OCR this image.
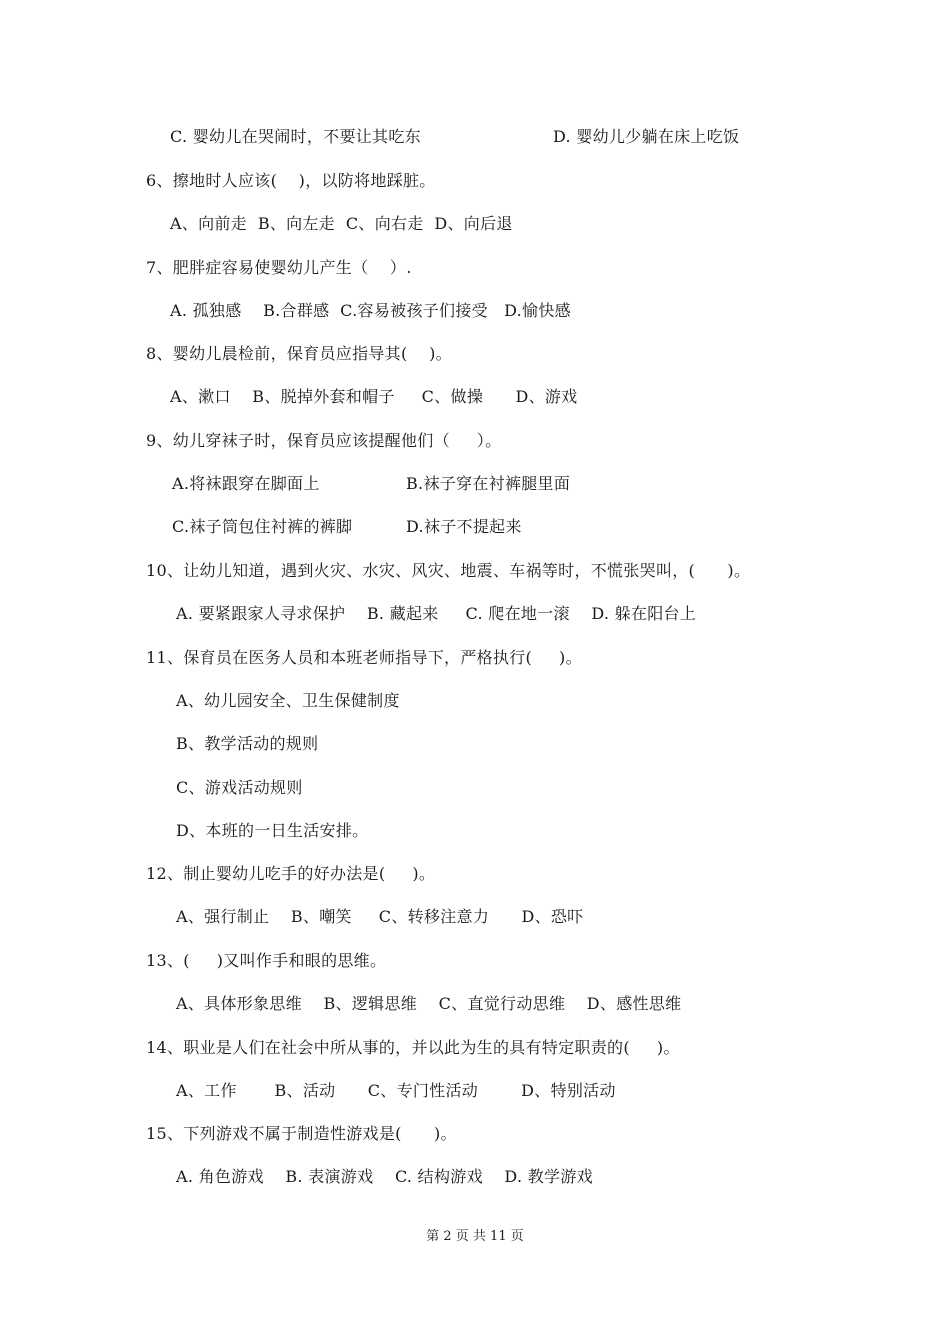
C. 婴幼儿在哭闹时，不要让其吃东	D. 婴幼儿少躺在床上吃饭
6、擦地时人应该(    )，以防将地踩脏。
A、向前走  B、向左走  C、向右走  D、向后退
7、肥胖症容易使婴幼儿产生（    ）.
A. 孤独感    B.合群感  C.容易被孩子们接受   D.愉快感
8、婴幼儿晨检前，保育员应指导其(    )。
A、漱口    B、脱掉外套和帽子     C、做操      D、游戏
9、幼儿穿袜子时，保育员应该提醒他们（     ）。
A.将袜跟穿在脚面上	B.袜子穿在衬裤腿里面
C.袜子筒包住衬裤的裤脚	D.袜子不提起来
10、让幼儿知道，遇到火灾、水灾、风灾、地震、车祸等时，不慌张哭叫，(      )。
A. 要紧跟家人寻求保护    B. 藏起来     C. 爬在地一滚    D. 躲在阳台上
11、保育员在医务人员和本班老师指导下，严格执行(     )。
A、幼儿园安全、卫生保健制度
B、教学活动的规则
C、游戏活动规则
D、本班的一日生活安排。
12、制止婴幼儿吃手的好办法是(     )。
A、强行制止    B、嘲笑     C、转移注意力      D、恐吓
13、(     )又叫作手和眼的思维。
A、具体形象思维    B、逻辑思维    C、直觉行动思维    D、感性思维
14、职业是人们在社会中所从事的，并以此为生的具有特定职责的(     )。
A、工作       B、活动      C、专门性活动        D、特别活动
15、下列游戏不属于制造性游戏是(      )。
A. 角色游戏    B. 表演游戏    C. 结构游戏    D. 教学游戏
第 2 页 共 11 页
